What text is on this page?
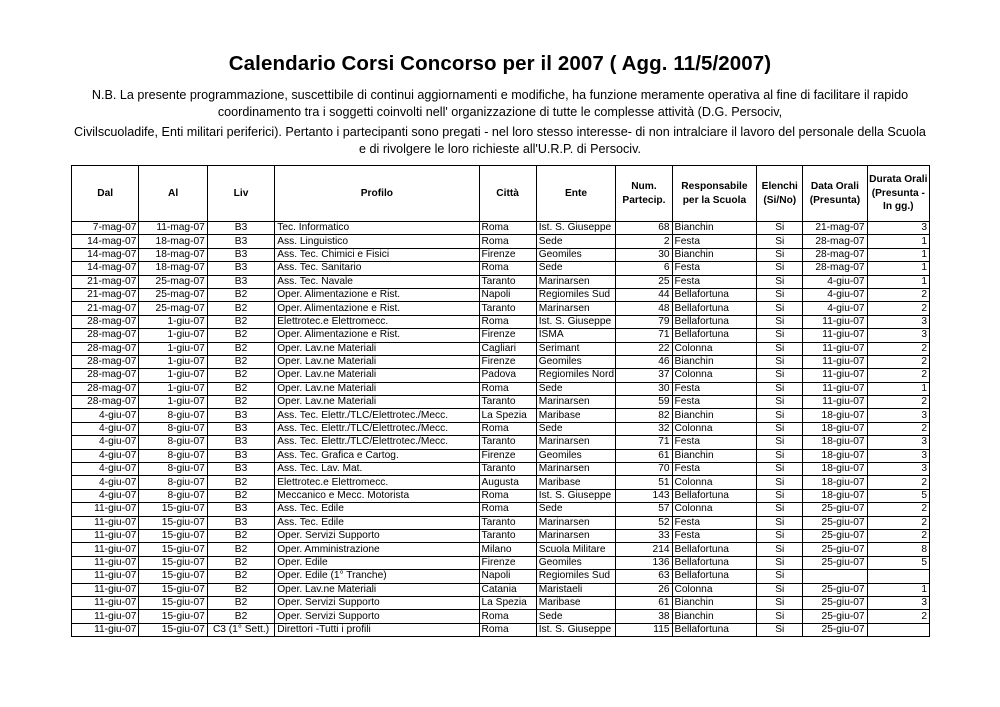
Calendario Corsi Concorso per il 2007 ( Agg. 11/5/2007)
N.B. La presente programmazione, suscettibile di continui aggiornamenti e modifiche, ha funzione meramente operativa al fine di facilitare il rapido coordinamento tra i soggetti coinvolti nell' organizzazione di tutte le complesse attività (D.G. Persociv,
Civilscuoladife, Enti militari periferici). Pertanto i partecipanti sono pregati - nel loro stesso interesse- di non intralciare il lavoro del personale della Scuola e di rivolgere le loro richieste all'U.R.P. di Persociv.
Dal	Al	Liv	Profilo	Città	Ente	Num. Partecip.	Responsabile per la Scuola	Elenchi (Si/No)	Data Orali (Presunta)	Durata Orali (Presunta - In gg.)
7-mag-07	11-mag-07	B3	Tec. Informatico	Roma	Ist. S. Giuseppe	68	Bianchin	Si	21-mag-07	3
14-mag-07	18-mag-07	B3	Ass. Linguistico	Roma	Sede	2	Festa	Si	28-mag-07	1
14-mag-07	18-mag-07	B3	Ass. Tec. Chimici e Fisici	Firenze	Geomiles	30	Bianchin	Si	28-mag-07	1
14-mag-07	18-mag-07	B3	Ass. Tec. Sanitario	Roma	Sede	6	Festa	Si	28-mag-07	1
21-mag-07	25-mag-07	B3	Ass. Tec. Navale	Taranto	Marinarsen	25	Festa	Si	4-giu-07	1
21-mag-07	25-mag-07	B2	Oper. Alimentazione e Rist.	Napoli	Regiomiles Sud	44	Bellafortuna	Si	4-giu-07	2
21-mag-07	25-mag-07	B2	Oper. Alimentazione e Rist.	Taranto	Marinarsen	48	Bellafortuna	Si	4-giu-07	2
28-mag-07	1-giu-07	B2	Elettrotec.e Elettromecc.	Roma	Ist. S. Giuseppe	79	Bellafortuna	Si	11-giu-07	3
28-mag-07	1-giu-07	B2	Oper. Alimentazione e Rist.	Firenze	ISMA	71	Bellafortuna	Si	11-giu-07	3
28-mag-07	1-giu-07	B2	Oper. Lav.ne Materiali	Cagliari	Serimant	22	Colonna	Si	11-giu-07	2
28-mag-07	1-giu-07	B2	Oper. Lav.ne Materiali	Firenze	Geomiles	46	Bianchin	Si	11-giu-07	2
28-mag-07	1-giu-07	B2	Oper. Lav.ne Materiali	Padova	Regiomiles Nord	37	Colonna	Si	11-giu-07	2
28-mag-07	1-giu-07	B2	Oper. Lav.ne Materiali	Roma	Sede	30	Festa	Si	11-giu-07	1
28-mag-07	1-giu-07	B2	Oper. Lav.ne Materiali	Taranto	Marinarsen	59	Festa	Si	11-giu-07	2
4-giu-07	8-giu-07	B3	Ass. Tec. Elettr./TLC/Elettrotec./Mecc.	La Spezia	Maribase	82	Bianchin	Si	18-giu-07	3
4-giu-07	8-giu-07	B3	Ass. Tec. Elettr./TLC/Elettrotec./Mecc.	Roma	Sede	32	Colonna	Si	18-giu-07	2
4-giu-07	8-giu-07	B3	Ass. Tec. Elettr./TLC/Elettrotec./Mecc.	Taranto	Marinarsen	71	Festa	Si	18-giu-07	3
4-giu-07	8-giu-07	B3	Ass. Tec. Grafica e Cartog.	Firenze	Geomiles	61	Bianchin	Si	18-giu-07	3
4-giu-07	8-giu-07	B3	Ass. Tec. Lav. Mat.	Taranto	Marinarsen	70	Festa	Si	18-giu-07	3
4-giu-07	8-giu-07	B2	Elettrotec.e Elettromecc.	Augusta	Maribase	51	Colonna	Si	18-giu-07	2
4-giu-07	8-giu-07	B2	Meccanico e Mecc. Motorista	Roma	Ist. S. Giuseppe	143	Bellafortuna	Si	18-giu-07	5
11-giu-07	15-giu-07	B3	Ass. Tec. Edile	Roma	Sede	57	Colonna	Si	25-giu-07	2
11-giu-07	15-giu-07	B3	Ass. Tec. Edile	Taranto	Marinarsen	52	Festa	Si	25-giu-07	2
11-giu-07	15-giu-07	B2	Oper. Servizi Supporto	Taranto	Marinarsen	33	Festa	Si	25-giu-07	2
11-giu-07	15-giu-07	B2	Oper. Amministrazione	Milano	Scuola Militare	214	Bellafortuna	Si	25-giu-07	8
11-giu-07	15-giu-07	B2	Oper. Edile	Firenze	Geomiles	136	Bellafortuna	Si	25-giu-07	5
11-giu-07	15-giu-07	B2	Oper. Edile (1° Tranche)	Napoli	Regiomiles Sud	63	Bellafortuna	Si		
11-giu-07	15-giu-07	B2	Oper. Lav.ne Materiali	Catania	Maristaeli	26	Colonna	Si	25-giu-07	1
11-giu-07	15-giu-07	B2	Oper. Servizi Supporto	La Spezia	Maribase	61	Bianchin	Si	25-giu-07	3
11-giu-07	15-giu-07	B2	Oper. Servizi Supporto	Roma	Sede	38	Bianchin	Si	25-giu-07	2
11-giu-07	15-giu-07	C3 (1° Sett.)	Direttori -Tutti i profili	Roma	Ist. S. Giuseppe	115	Bellafortuna	Si	25-giu-07	
